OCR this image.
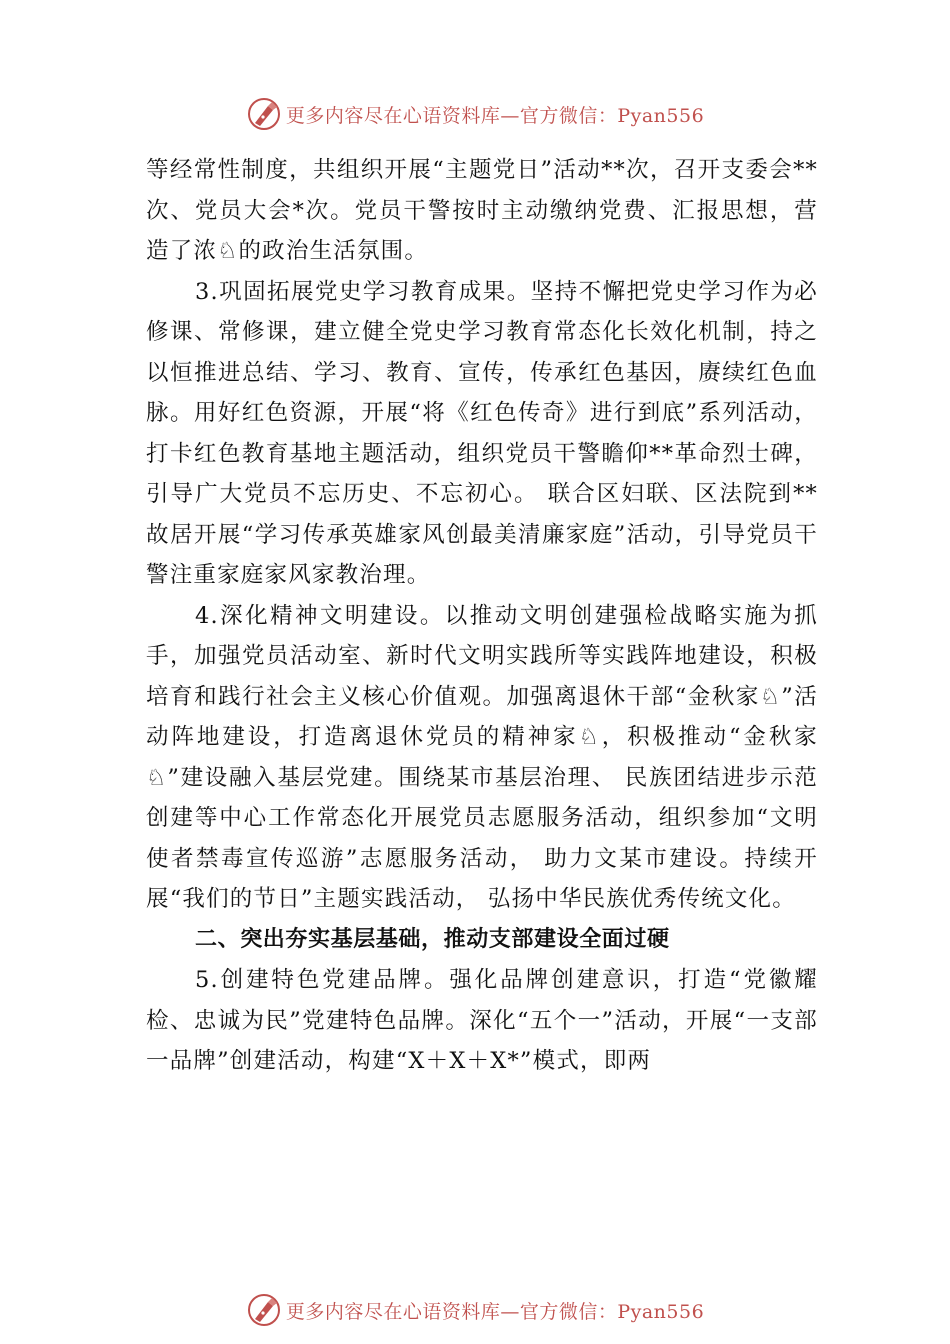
更多内容尽在心语资料库—官方微信：Pyan556

等经常性制度，共组织开展“主题党日”活动**次，召开支委会**次、党员大会*次。党员干警按时主动缴纳党费、汇报思想，营造了浓♘的政治生活氛围。

3.巩固拓展党史学习教育成果。坚持不懈把党史学习作为必修课、常修课，建立健全党史学习教育常态化长效化机制，持之以恒推进总结、学习、教育、宣传，传承红色基因，赓续红色血脉。用好红色资源，开展“将《红色传奇》进行到底”系列活动，打卡红色教育基地主题活动，组织党员干警瞻仰**革命烈士碑，引导广大党员不忘历史、不忘初心。 联合区妇联、区法院到**故居开展“学习传承英雄家风创最美清廉家庭”活动，引导党员干警注重家庭家风家教治理。

4.深化精神文明建设。以推动文明创建强检战略实施为抓手，加强党员活动室、新时代文明实践所等实践阵地建设，积极培育和践行社会主义核心价值观。加强离退休干部“金秋家♘”活动阵地建设，打造离退休党员的精神家♘，积极推动“金秋家♘”建设融入基层党建。围绕某市基层治理、 民族团结进步示范创建等中心工作常态化开展党员志愿服务活动，组织参加“文明使者禁毒宣传巡游”志愿服务活动， 助力文某市建设。持续开展“我们的节日”主题实践活动， 弘扬中华民族优秀传统文化。

二、突出夯实基层基础，推动支部建设全面过硬

5.创建特色党建品牌。强化品牌创建意识，打造“党徽耀检、忠诚为民”党建特色品牌。深化“五个一”活动，开展“一支部一品牌”创建活动，构建“X＋X＋X*”模式，即两

更多内容尽在心语资料库—官方微信：Pyan556
